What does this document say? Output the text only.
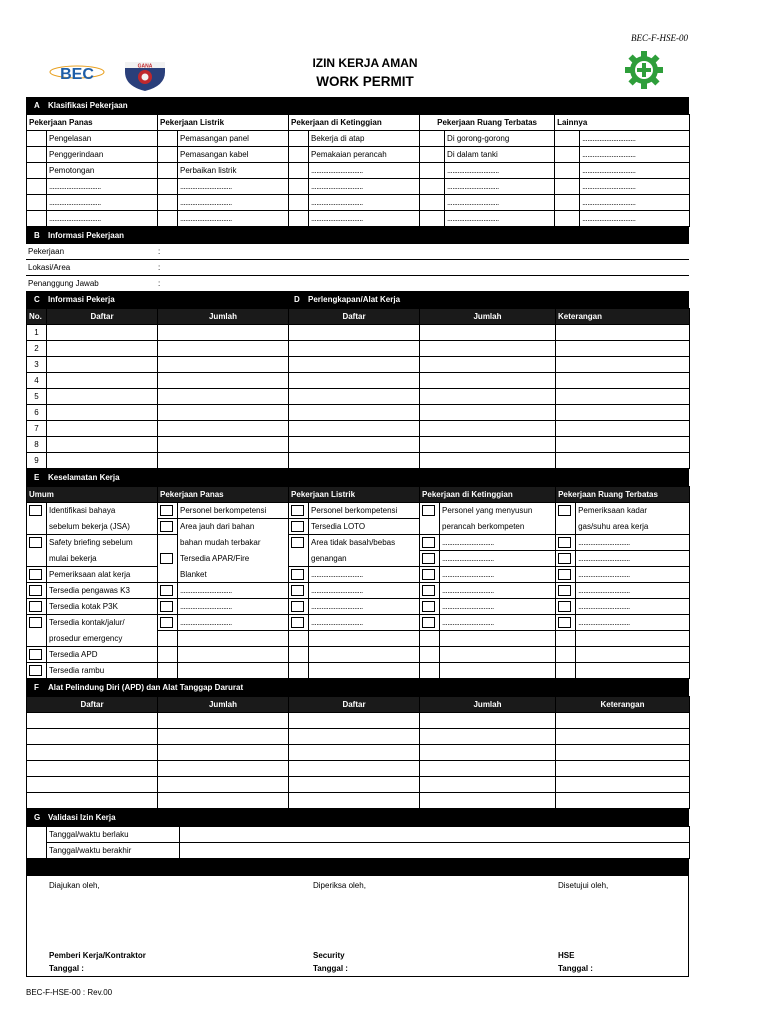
BEC-F-HSE-00
BEC	GANA	IZIN KERJA AMAN
WORK PERMIT
A Klasifikasi Pekerjaan
Pekerjaan Panas		Pekerjaan Listrik		Pekerjaan di Ketinggian		Pekerjaan Ruang Terbatas		Lainnya	
	Pengelasan		Pemasangan panel		Bekerja di atap		Di gorong-gorong		...............................
	Penggerindaan		Pemasangan kabel		Pemakaian perancah		Di dalam tanki		...............................
	Pemotongan		Perbaikan listrik		..............................		..............................		...............................
	..............................		..............................		..............................		..............................		...............................
	..............................		..............................		..............................		..............................		...............................
	..............................		..............................		..............................		..............................		...............................
B Informasi Pekerjaan
Pekerjaan	:
Lokasi/Area	:
Penanggung Jawab	:
C Informasi Pekerja	D Perlengkapan/Alat Kerja
No.	Daftar	Jumlah	Daftar	Jumlah	Keterangan
1					
2					
3					
4					
5					
6					
7					
8					
9					
E Keselamatan Kerja
Umum		Pekerjaan Panas		Pekerjaan Listrik		Pekerjaan di Ketinggian		Pekerjaan Ruang Terbatas	
	Identifikasi bahaya		Personel berkompetensi		Personel berkompetensi		Personel yang menyusun		Pemeriksaan kadar
	sebelum bekerja (JSA)		Area jauh dari bahan		Tersedia LOTO		perancah berkompeten		gas/suhu area kerja
	Safety briefing sebelum		bahan mudah terbakar		Area tidak basah/bebas		..............................		..............................
	mulai bekerja		Tersedia APAR/Fire		genangan		..............................		..............................
	Pemeriksaan alat kerja		Blanket		..............................		..............................		..............................
	Tersedia pengawas K3		..............................		..............................		..............................		..............................
	Tersedia kotak P3K		..............................		..............................		..............................		..............................
	Tersedia kontak/jalur/		..............................		..............................		..............................		..............................
	prosedur emergency								
	Tersedia APD								
	Tersedia rambu								
F Alat Pelindung Diri (APD) dan Alat Tanggap Darurat
Daftar	Jumlah	Daftar	Jumlah	Keterangan

G Validasi Izin Kerja
	Tanggal/waktu berlaku	
	Tanggal/waktu berakhir	
Diajukan oleh,	Diperiksa oleh,	Disetujui oleh,
Pemberi Kerja/Kontraktor	Security	HSE
Tanggal :	Tanggal :	Tanggal :
BEC-F-HSE-00 : Rev.00
